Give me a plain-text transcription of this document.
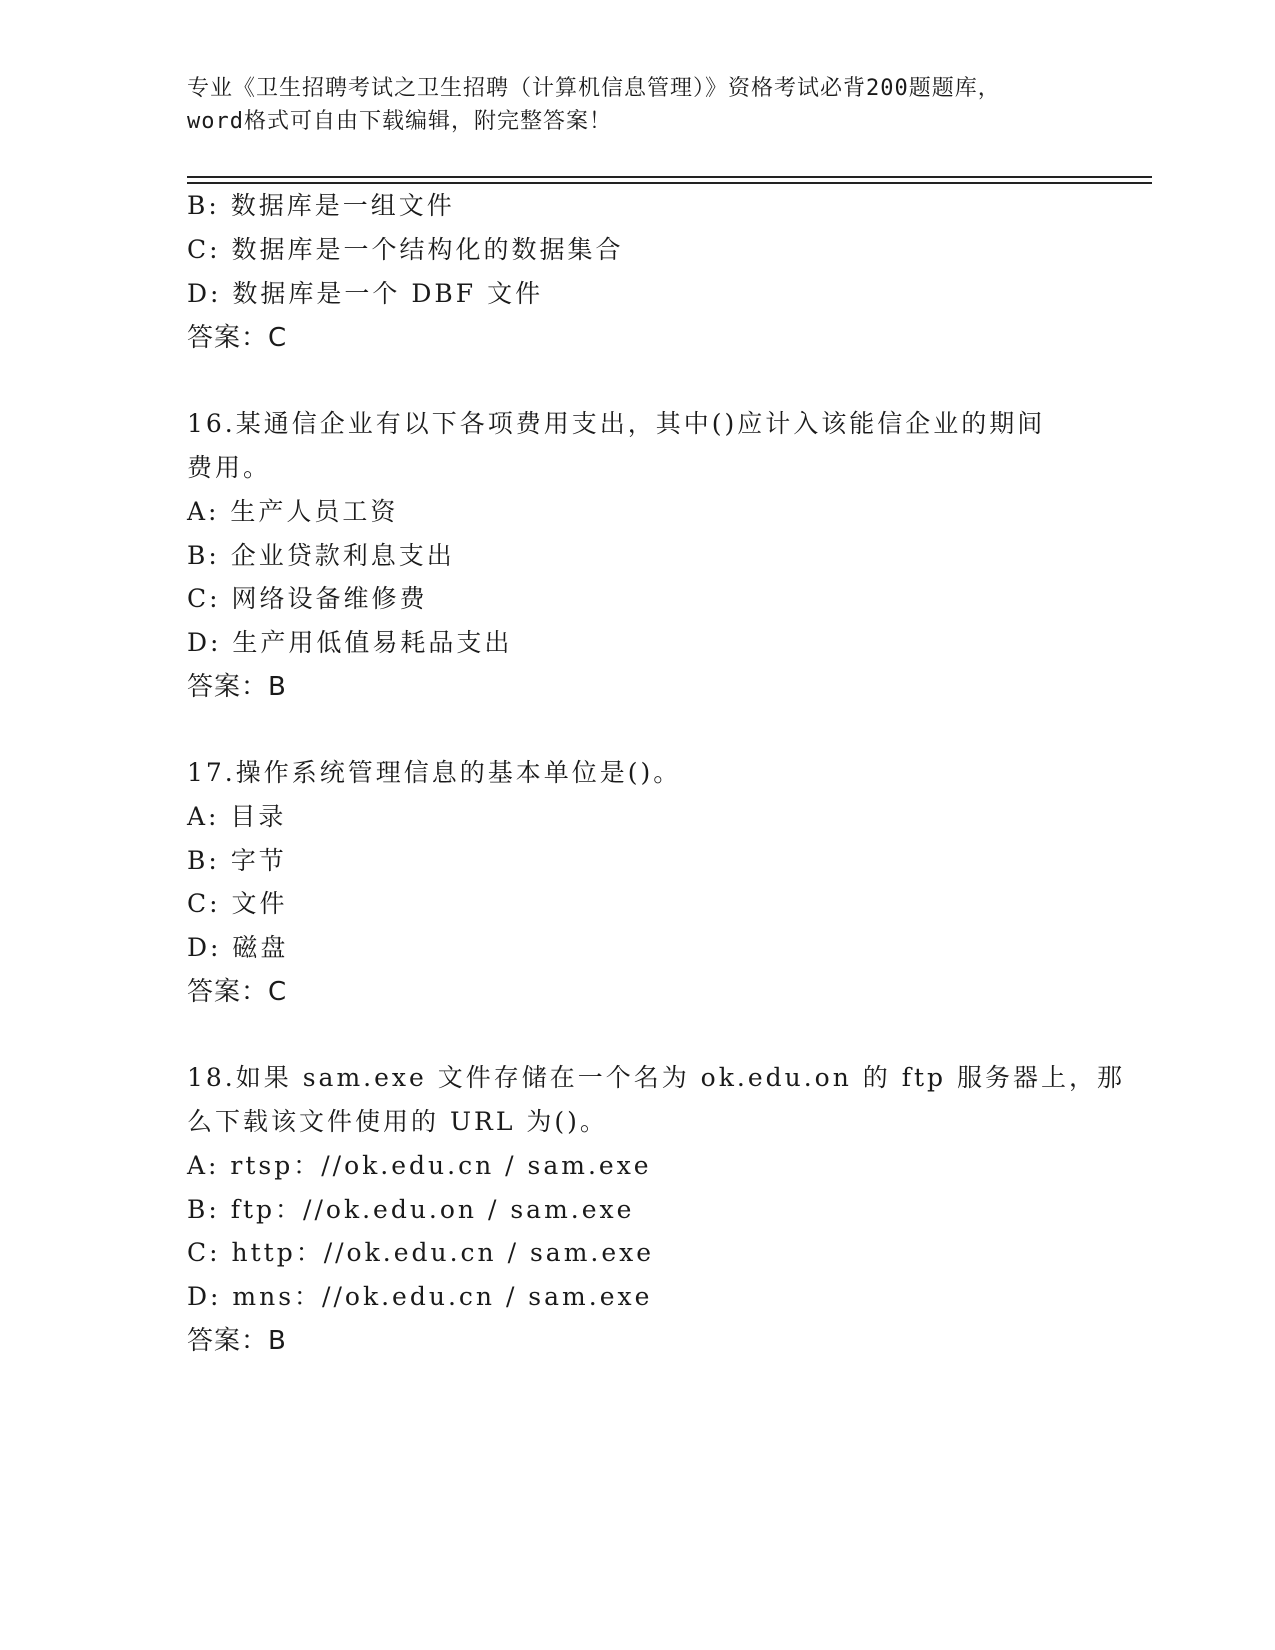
专业《卫生招聘考试之卫生招聘（计算机信息管理）》资格考试必背200题题库，
word格式可自由下载编辑，附完整答案！
B: 数据库是一组文件
C: 数据库是一个结构化的数据集合
D: 数据库是一个 DBF 文件
答案：C
16.某通信企业有以下各项费用支出，其中()应计入该能信企业的期间
费用。
A: 生产人员工资
B: 企业贷款利息支出
C: 网络设备维修费
D: 生产用低值易耗品支出
答案：B
17.操作系统管理信息的基本单位是()。
A: 目录
B: 字节
C: 文件
D: 磁盘
答案：C
18.如果 sam.exe 文件存储在一个名为 ok.edu.on 的 ftp 服务器上，那
么下载该文件使用的 URL 为()。
A: rtsp：//ok.edu.cn / sam.exe
B: ftp：//ok.edu.on / sam.exe
C: http：//ok.edu.cn / sam.exe
D: mns：//ok.edu.cn / sam.exe
答案：B
